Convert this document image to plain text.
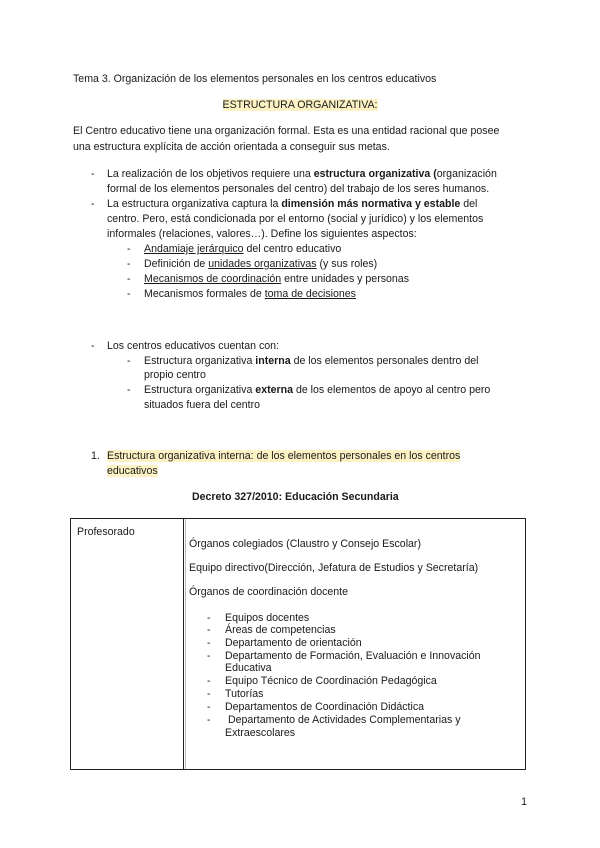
Tema 3. Organización de los elementos personales en los centros educativos
ESTRUCTURA ORGANIZATIVA:
El Centro educativo tiene una organización formal. Esta es una entidad racional que posee
una estructura explícita de acción orientada a conseguir sus metas.
- La realización de los objetivos requiere una estructura organizativa (organización
formal de los elementos personales del centro) del trabajo de los seres humanos.
- La estructura organizativa captura la dimensión más normativa y estable del
centro. Pero, está condicionada por el entorno (social y jurídico) y los elementos
informales (relaciones, valores…). Define los siguientes aspectos:
- Andamiaje jerárquico del centro educativo
- Definición de unidades organizativas (y sus roles)
- Mecanismos de coordinación entre unidades y personas
- Mecanismos formales de toma de decisiones
- Los centros educativos cuentan con:
- Estructura organizativa interna de los elementos personales dentro del
propio centro
- Estructura organizativa externa de los elementos de apoyo al centro pero
situados fuera del centro
1. Estructura organizativa interna: de los elementos personales en los centros
educativos
Decreto 327/2010: Educación Secundaria
Profesorado
Órganos colegiados (Claustro y Consejo Escolar)
Equipo directivo(Dirección, Jefatura de Estudios y Secretaría)
Órganos de coordinación docente
- Equipos docentes
- Áreas de competencias
- Departamento de orientación
- Departamento de Formación, Evaluación e Innovación
Educativa
- Equipo Técnico de Coordinación Pedagógica
- Tutorías
- Departamentos de Coordinación Didáctica
- Departamento de Actividades Complementarias y
Extraescolares
1
